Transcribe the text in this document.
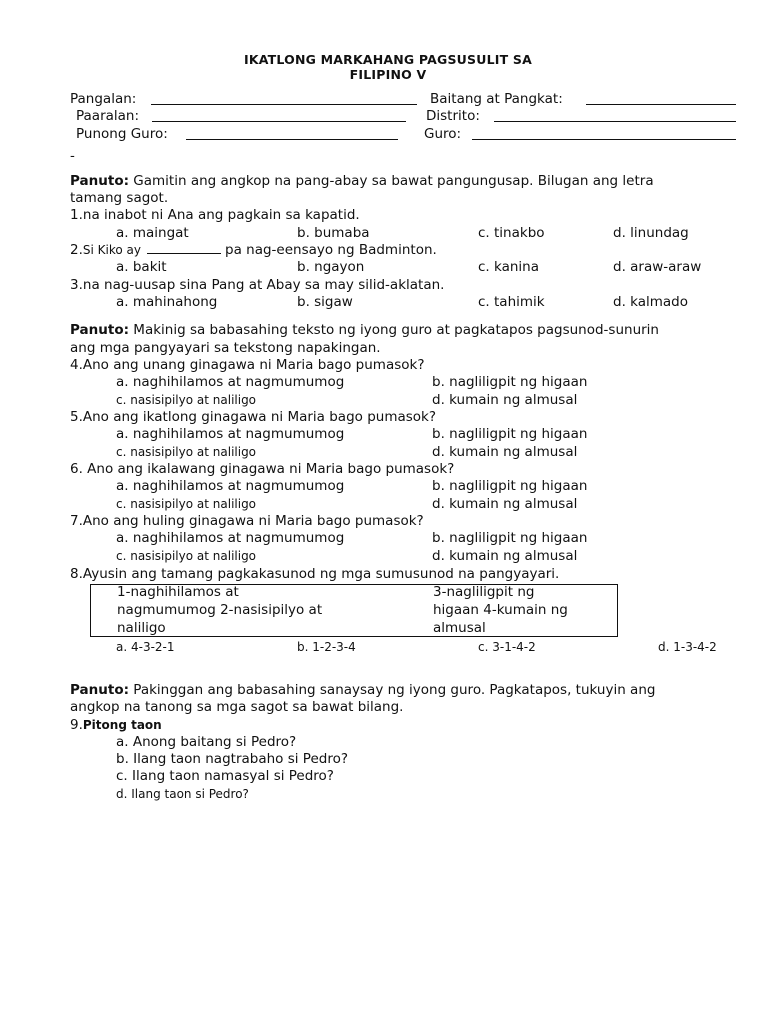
IKATLONG MARKAHANG PAGSUSULIT SA
FILIPINO V
Pangalan:	Baitang at Pangkat:
Paaralan:	Distrito:
Punong Guro:	Guro:
-
Panuto: Gamitin ang angkop na pang-abay sa bawat pangungusap. Bilugan ang letra
tamang sagot.
1.na inabot ni Ana ang pagkain sa kapatid.
a. maingat	b. bumaba	c. tinakbo	d. linundag
2.Si Kiko ay	pa nag-eensayo ng Badminton.
a. bakit	b. ngayon	c. kanina	d. araw-araw
3.na nag-uusap sina Pang at Abay sa may silid-aklatan.
a. mahinahong	b. sigaw	c. tahimik	d. kalmado
Panuto: Makinig sa babasahing teksto ng iyong guro at pagkatapos pagsunod-sunurin
ang mga pangyayari sa tekstong napakingan.
4.Ano ang unang ginagawa ni Maria bago pumasok?
a. naghihilamos at nagmumumog	b. nagliligpit ng higaan
c. nasisipilyo at naliligo	d. kumain ng almusal
5.Ano ang ikatlong ginagawa ni Maria bago pumasok?
a. naghihilamos at nagmumumog	b. nagliligpit ng higaan
c. nasisipilyo at naliligo	d. kumain ng almusal
6. Ano ang ikalawang ginagawa ni Maria bago pumasok?
a. naghihilamos at nagmumumog	b. nagliligpit ng higaan
c. nasisipilyo at naliligo	d. kumain ng almusal
7.Ano ang huling ginagawa ni Maria bago pumasok?
a. naghihilamos at nagmumumog	b. nagliligpit ng higaan
c. nasisipilyo at naliligo	d. kumain ng almusal
8.Ayusin ang tamang pagkakasunod ng mga sumusunod na pangyayari.
1-naghihilamos at
nagmumumog 2-nasisipilyo at
naliligo
3-nagliligpit ng
higaan 4-kumain ng
almusal
a. 4-3-2-1	b. 1-2-3-4	c. 3-1-4-2	d. 1-3-4-2
Panuto: Pakinggan ang babasahing sanaysay ng iyong guro. Pagkatapos, tukuyin ang
angkop na tanong sa mga sagot sa bawat bilang.
9.Pitong taon
a. Anong baitang si Pedro?
b. Ilang taon nagtrabaho si Pedro?
c. Ilang taon namasyal si Pedro?
d. Ilang taon si Pedro?
